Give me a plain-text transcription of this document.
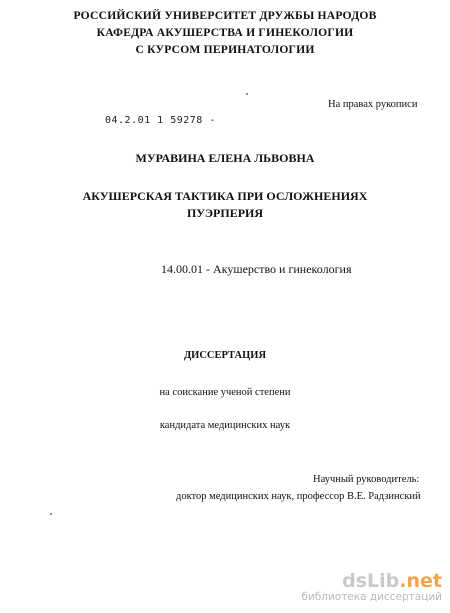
РОССИЙСКИЙ УНИВЕРСИТЕТ ДРУЖБЫ НАРОДОВ
КАФЕДРА АКУШЕРСТВА И ГИНЕКОЛОГИИ
С КУРСОМ ПЕРИНАТОЛОГИИ
На правах рукописи
04.2.01 1 59278 -
МУРАВИНА ЕЛЕНА ЛЬВОВНА
АКУШЕРСКАЯ ТАКТИКА ПРИ ОСЛОЖНЕНИЯХ
ПУЭРПЕРИЯ
14.00.01 - Акушерство и гинекология
ДИССЕРТАЦИЯ
на соискание ученой степени
кандидата медицинских наук
Научный руководитель:
доктор медицинских наук, профессор В.Е. Радзинский
dsLib.net
библиотека диссертаций
